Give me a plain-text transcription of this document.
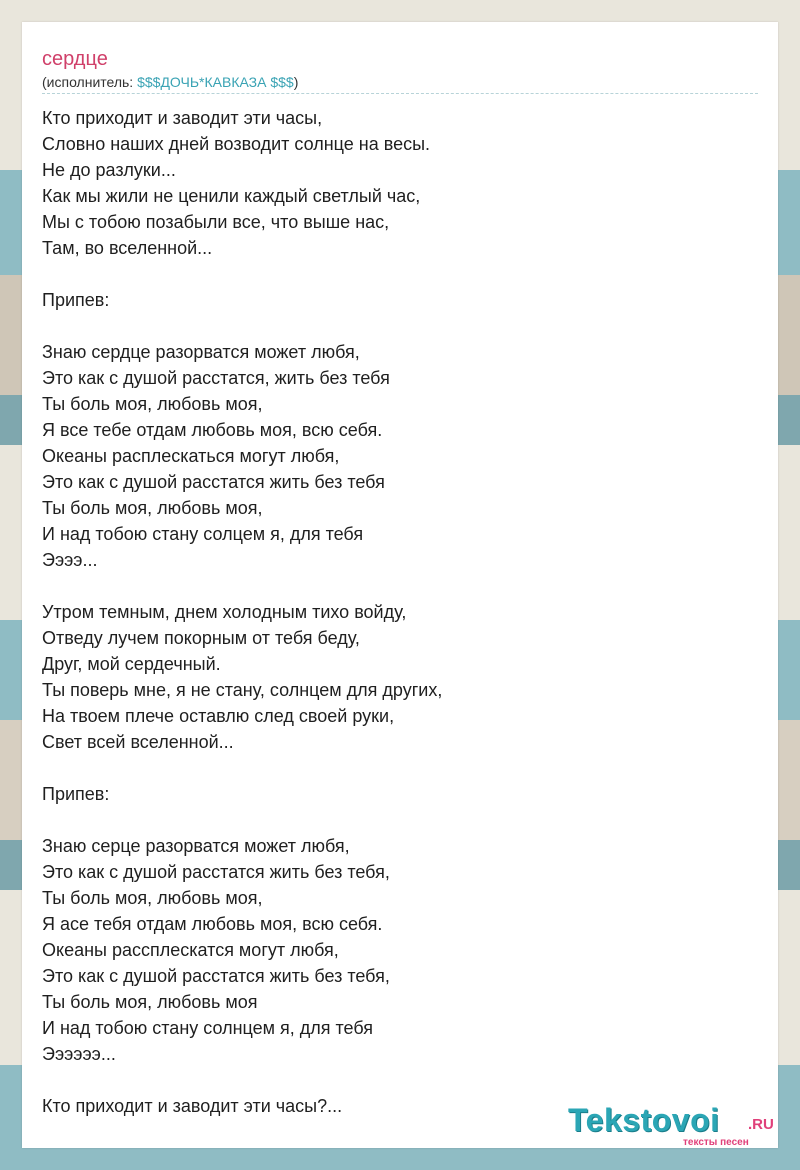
сердце
(исполнитель: $$$ДОЧЬ*КАВКАЗА $$$)
Кто приходит и заводит эти часы,
Словно наших дней возводит солнце на весы.
Не до разлуки...
Как мы жили не ценили каждый светлый час,
Мы с тобою позабыли все, что выше нас,
Там, во вселенной...
Припев:
Знаю сердце разорватся может любя,
Это как с душой расстатся, жить без тебя
Ты боль моя, любовь моя,
Я все тебе отдам любовь моя, всю себя.
Океаны расплескаться могут любя,
Это как с душой расстатся жить без тебя
Ты боль моя, любовь моя,
И над тобою стану солцем я, для тебя
Ээээ...
Утром темным, днем холодным тихо войду,
Отведу лучем покорным от тебя беду,
Друг, мой сердечный.
Ты поверь мне, я не стану, солнцем для других,
На твоем плече оставлю след своей руки,
Свет всей вселенной...
Припев:
Знаю серце разорватся может любя,
Это как с душой расстатся жить без тебя,
Ты боль моя, любовь моя,
Я асе тебя отдам любовь моя, всю себя.
Океаны рассплескатся могут любя,
Это как с душой расстатся жить без тебя,
Ты боль моя, любовь моя
И над тобою стану солнцем я, для тебя
Ээээээ...
Кто приходит и заводит эти часы?...	Tekstovoi .RU
тексты песен
